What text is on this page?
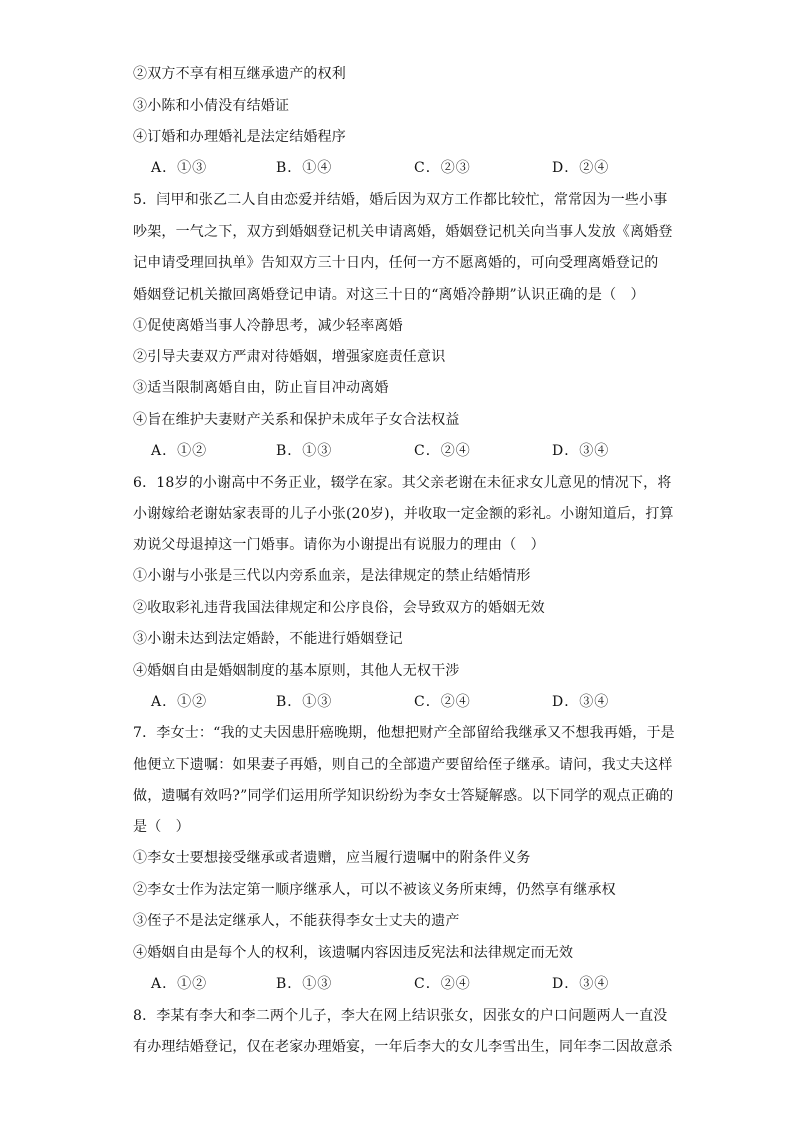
②双方不享有相互继承遗产的权利
③小陈和小倩没有结婚证
④订婚和办理婚礼是法定结婚程序
A．①③	B．①④	C．②③	D．②④
5．闫甲和张乙二人自由恋爱并结婚，婚后因为双方工作都比较忙，常常因为一些小事
吵架，一气之下，双方到婚姻登记机关申请离婚，婚姻登记机关向当事人发放《离婚登
记申请受理回执单》告知双方三十日内，任何一方不愿离婚的，可向受理离婚登记的
婚姻登记机关撤回离婚登记申请。对这三十日的“离婚冷静期”认识正确的是（　）
①促使离婚当事人冷静思考，减少轻率离婚
②引导夫妻双方严肃对待婚姻，增强家庭责任意识
③适当限制离婚自由，防止盲目冲动离婚
④旨在维护夫妻财产关系和保护未成年子女合法权益
A．①②	B．①③	C．②④	D．③④
6．18岁的小谢高中不务正业，辍学在家。其父亲老谢在未征求女儿意见的情况下，将
小谢嫁给老谢姑家表哥的儿子小张(20岁)，并收取一定金额的彩礼。小谢知道后，打算
劝说父母退掉这一门婚事。请你为小谢提出有说服力的理由（　）
①小谢与小张是三代以内旁系血亲，是法律规定的禁止结婚情形
②收取彩礼违背我国法律规定和公序良俗，会导致双方的婚姻无效
③小谢未达到法定婚龄，不能进行婚姻登记
④婚姻自由是婚姻制度的基本原则，其他人无权干涉
A．①②	B．①③	C．②④	D．③④
7．李女士：“我的丈夫因患肝癌晚期，他想把财产全部留给我继承又不想我再婚，于是
他便立下遗嘱：如果妻子再婚，则自己的全部遗产要留给侄子继承。请问，我丈夫这样
做，遗嘱有效吗?”同学们运用所学知识纷纷为李女士答疑解惑。以下同学的观点正确的
是（　）
①李女士要想接受继承或者遗赠，应当履行遗嘱中的附条件义务
②李女士作为法定第一顺序继承人，可以不被该义务所束缚，仍然享有继承权
③侄子不是法定继承人，不能获得李女士丈夫的遗产
④婚姻自由是每个人的权利，该遗嘱内容因违反宪法和法律规定而无效
A．①②	B．①③	C．②④	D．③④
8．李某有李大和李二两个儿子，李大在网上结识张女，因张女的户口问题两人一直没
有办理结婚登记，仅在老家办理婚宴，一年后李大的女儿李雪出生，同年李二因故意杀
